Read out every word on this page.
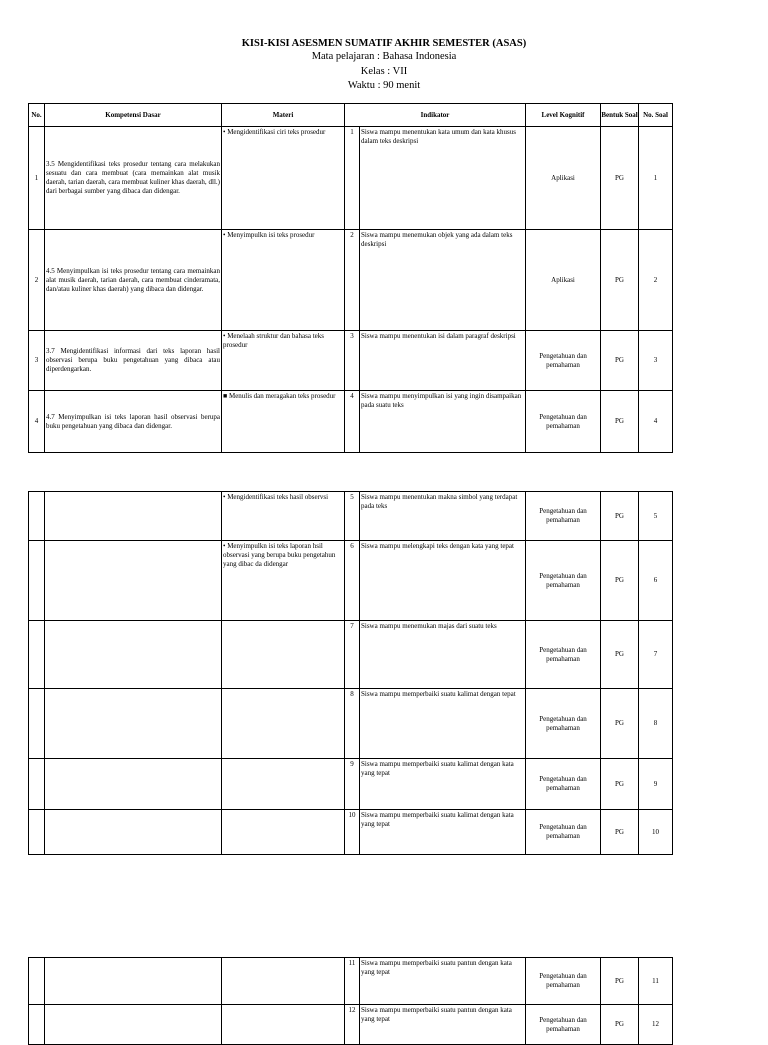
KISI-KISI ASESMEN SUMATIF AKHIR SEMESTER (ASAS)
Mata pelajaran : Bahasa Indonesia
Kelas : VII
Waktu : 90 menit
No.	Kompetensi Dasar	Materi	Indikator		Level Kognitif	Bentuk Soal	No. Soal
1	3.5 Mengidentifikasi teks prosedur tentang cara melakukan sesuatu dan cara membuat (cara memainkan alat musik daerah, tarian daerah, cara membuat kuliner khas daerah, dll.) dari berbagai sumber yang dibaca dan didengar.	• Mengidentifikasi ciri teks prosedur	1	Siswa mampu menentukan kata umum dan kata khusus dalam teks deskripsi	Aplikasi	PG	1
2	4.5 Menyimpulkan isi teks prosedur tentang cara memainkan alat musik daerah, tarian daerah, cara membuat cinderamata, dan/atau kuliner khas daerah) yang dibaca dan didengar.	• Menyimpulkn isi teks prosedur	2	Siswa mampu menemukan objek yang ada dalam teks deskripsi	Aplikasi	PG	2
3	3.7 Mengidentifikasi informasi dari teks laporan hasil observasi berupa buku pengetahuan yang dibaca atau diperdengarkan.	• Menelaah struktur dan bahasa teks prosedur	3	Siswa mampu menentukan isi dalam paragraf deskripsi	Pengetahuan dan pemahaman	PG	3
4	4.7 Menyimpulkan isi teks laporan hasil observasi berupa buku pengetahuan yang dibaca dan didengar.	■ Menulis dan meragakan teks prosedur	4	Siswa mampu menyimpulkan isi yang ingin disampaikan pada suatu teks	Pengetahuan dan pemahaman	PG	4
		• Mengidentifikasi teks hasil observsi	5	Siswa mampu menentukan makna simbol yang terdapat pada teks	Pengetahuan dan pemahaman	PG	5
		• Menyimpulkn isi teks laporan hsil observasi yang berupa buku pengetahun yang dibac da didengar	6	Siswa mampu melengkapi teks dengan kata yang tepat	Pengetahuan dan pemahaman	PG	6
			7	Siswa mampu menemukan majas dari suatu teks	Pengetahuan dan pemahaman	PG	7
			8	Siswa mampu memperbaiki suatu kalimat dengan tepat	Pengetahuan dan pemahaman	PG	8
			9	Siswa mampu memperbaiki suatu kalimat dengan kata yang tepat	Pengetahuan dan pemahaman	PG	9
			10	Siswa mampu memperbaiki suatu kalimat dengan kata yang tepat	Pengetahuan dan pemahaman	PG	10
			11	Siswa mampu memperbaiki suatu pantun dengan kata yang tepat	Pengetahuan dan pemahaman	PG	11
			12	Siswa mampu memperbaiki suatu pantun dengan kata yang tepat	Pengetahuan dan pemahaman	PG	12
